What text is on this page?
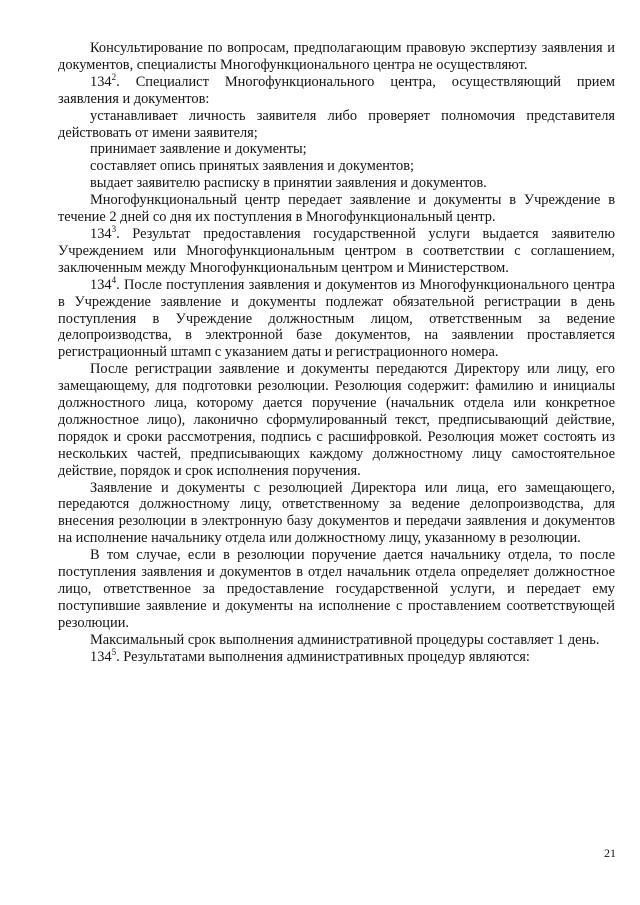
Консультирование по вопросам, предполагающим правовую экспертизу заявления и документов, специалисты Многофункционального центра не осуществляют.

$134^2$. Специалист Многофункционального центра, осуществляющий прием заявления и документов:

устанавливает личность заявителя либо проверяет полномочия представителя действовать от имени заявителя;

принимает заявление и документы;

составляет опись принятых заявления и документов;

выдает заявителю расписку в принятии заявления и документов.

Многофункциональный центр передает заявление и документы в Учреждение в течение 2 дней со дня их поступления в Многофункциональный центр.

$134^3$. Результат предоставления государственной услуги выдается заявителю Учреждением или Многофункциональным центром в соответствии с соглашением, заключенным между Многофункциональным центром и Министерством.

$134^4$. После поступления заявления и документов из Многофункционального центра в Учреждение заявление и документы подлежат обязательной регистрации в день поступления в Учреждение должностным лицом, ответственным за ведение делопроизводства, в электронной базе документов, на заявлении проставляется регистрационный штамп с указанием даты и регистрационного номера.

После регистрации заявление и документы передаются Директору или лицу, его замещающему, для подготовки резолюции. Резолюция содержит: фамилию и инициалы должностного лица, которому дается поручение (начальник отдела или конкретное должностное лицо), лаконично сформулированный текст, предписывающий действие, порядок и сроки рассмотрения, подпись с расшифровкой. Резолюция может состоять из нескольких частей, предписывающих каждому должностному лицу самостоятельное действие, порядок и срок исполнения поручения.

Заявление и документы с резолюцией Директора или лица, его замещающего, передаются должностному лицу, ответственному за ведение делопроизводства, для внесения резолюции в электронную базу документов и передачи заявления и документов на исполнение начальнику отдела или должностному лицу, указанному в резолюции.

В том случае, если в резолюции поручение дается начальнику отдела, то после поступления заявления и документов в отдел начальник отдела определяет должностное лицо, ответственное за предоставление государственной услуги, и передает ему поступившие заявление и документы на исполнение с проставлением соответствующей резолюции.

Максимальный срок выполнения административной процедуры составляет 1 день.

$134^5$. Результатами выполнения административных процедур являются:

21
